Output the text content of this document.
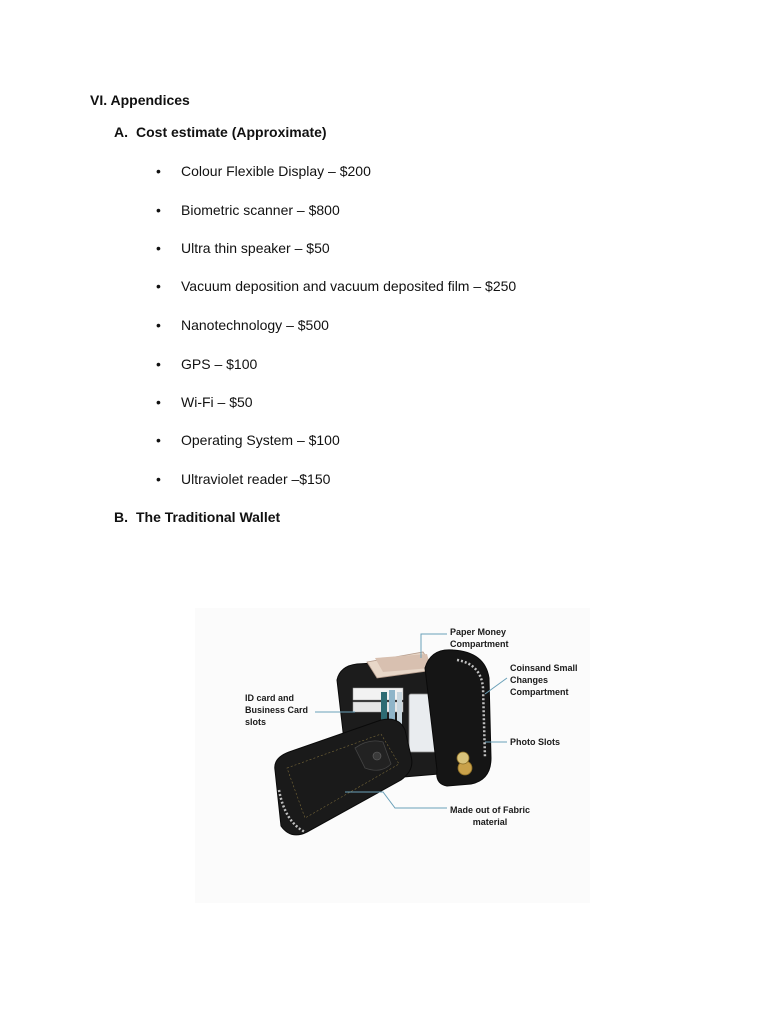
VI. Appendices
A. Cost estimate (Approximate)
• Colour Flexible Display – $200
• Biometric scanner – $800
• Ultra thin speaker – $50
• Vacuum deposition and vacuum deposited film – $250
• Nanotechnology – $500
• GPS – $100
• Wi-Fi – $50
• Operating System – $100
• Ultraviolet reader –$150
B. The Traditional Wallet
Paper Money
Compartment
Coinsand Small
Changes
Compartment
ID card and
Business Card
slots
Photo Slots
Made out of Fabric
material
